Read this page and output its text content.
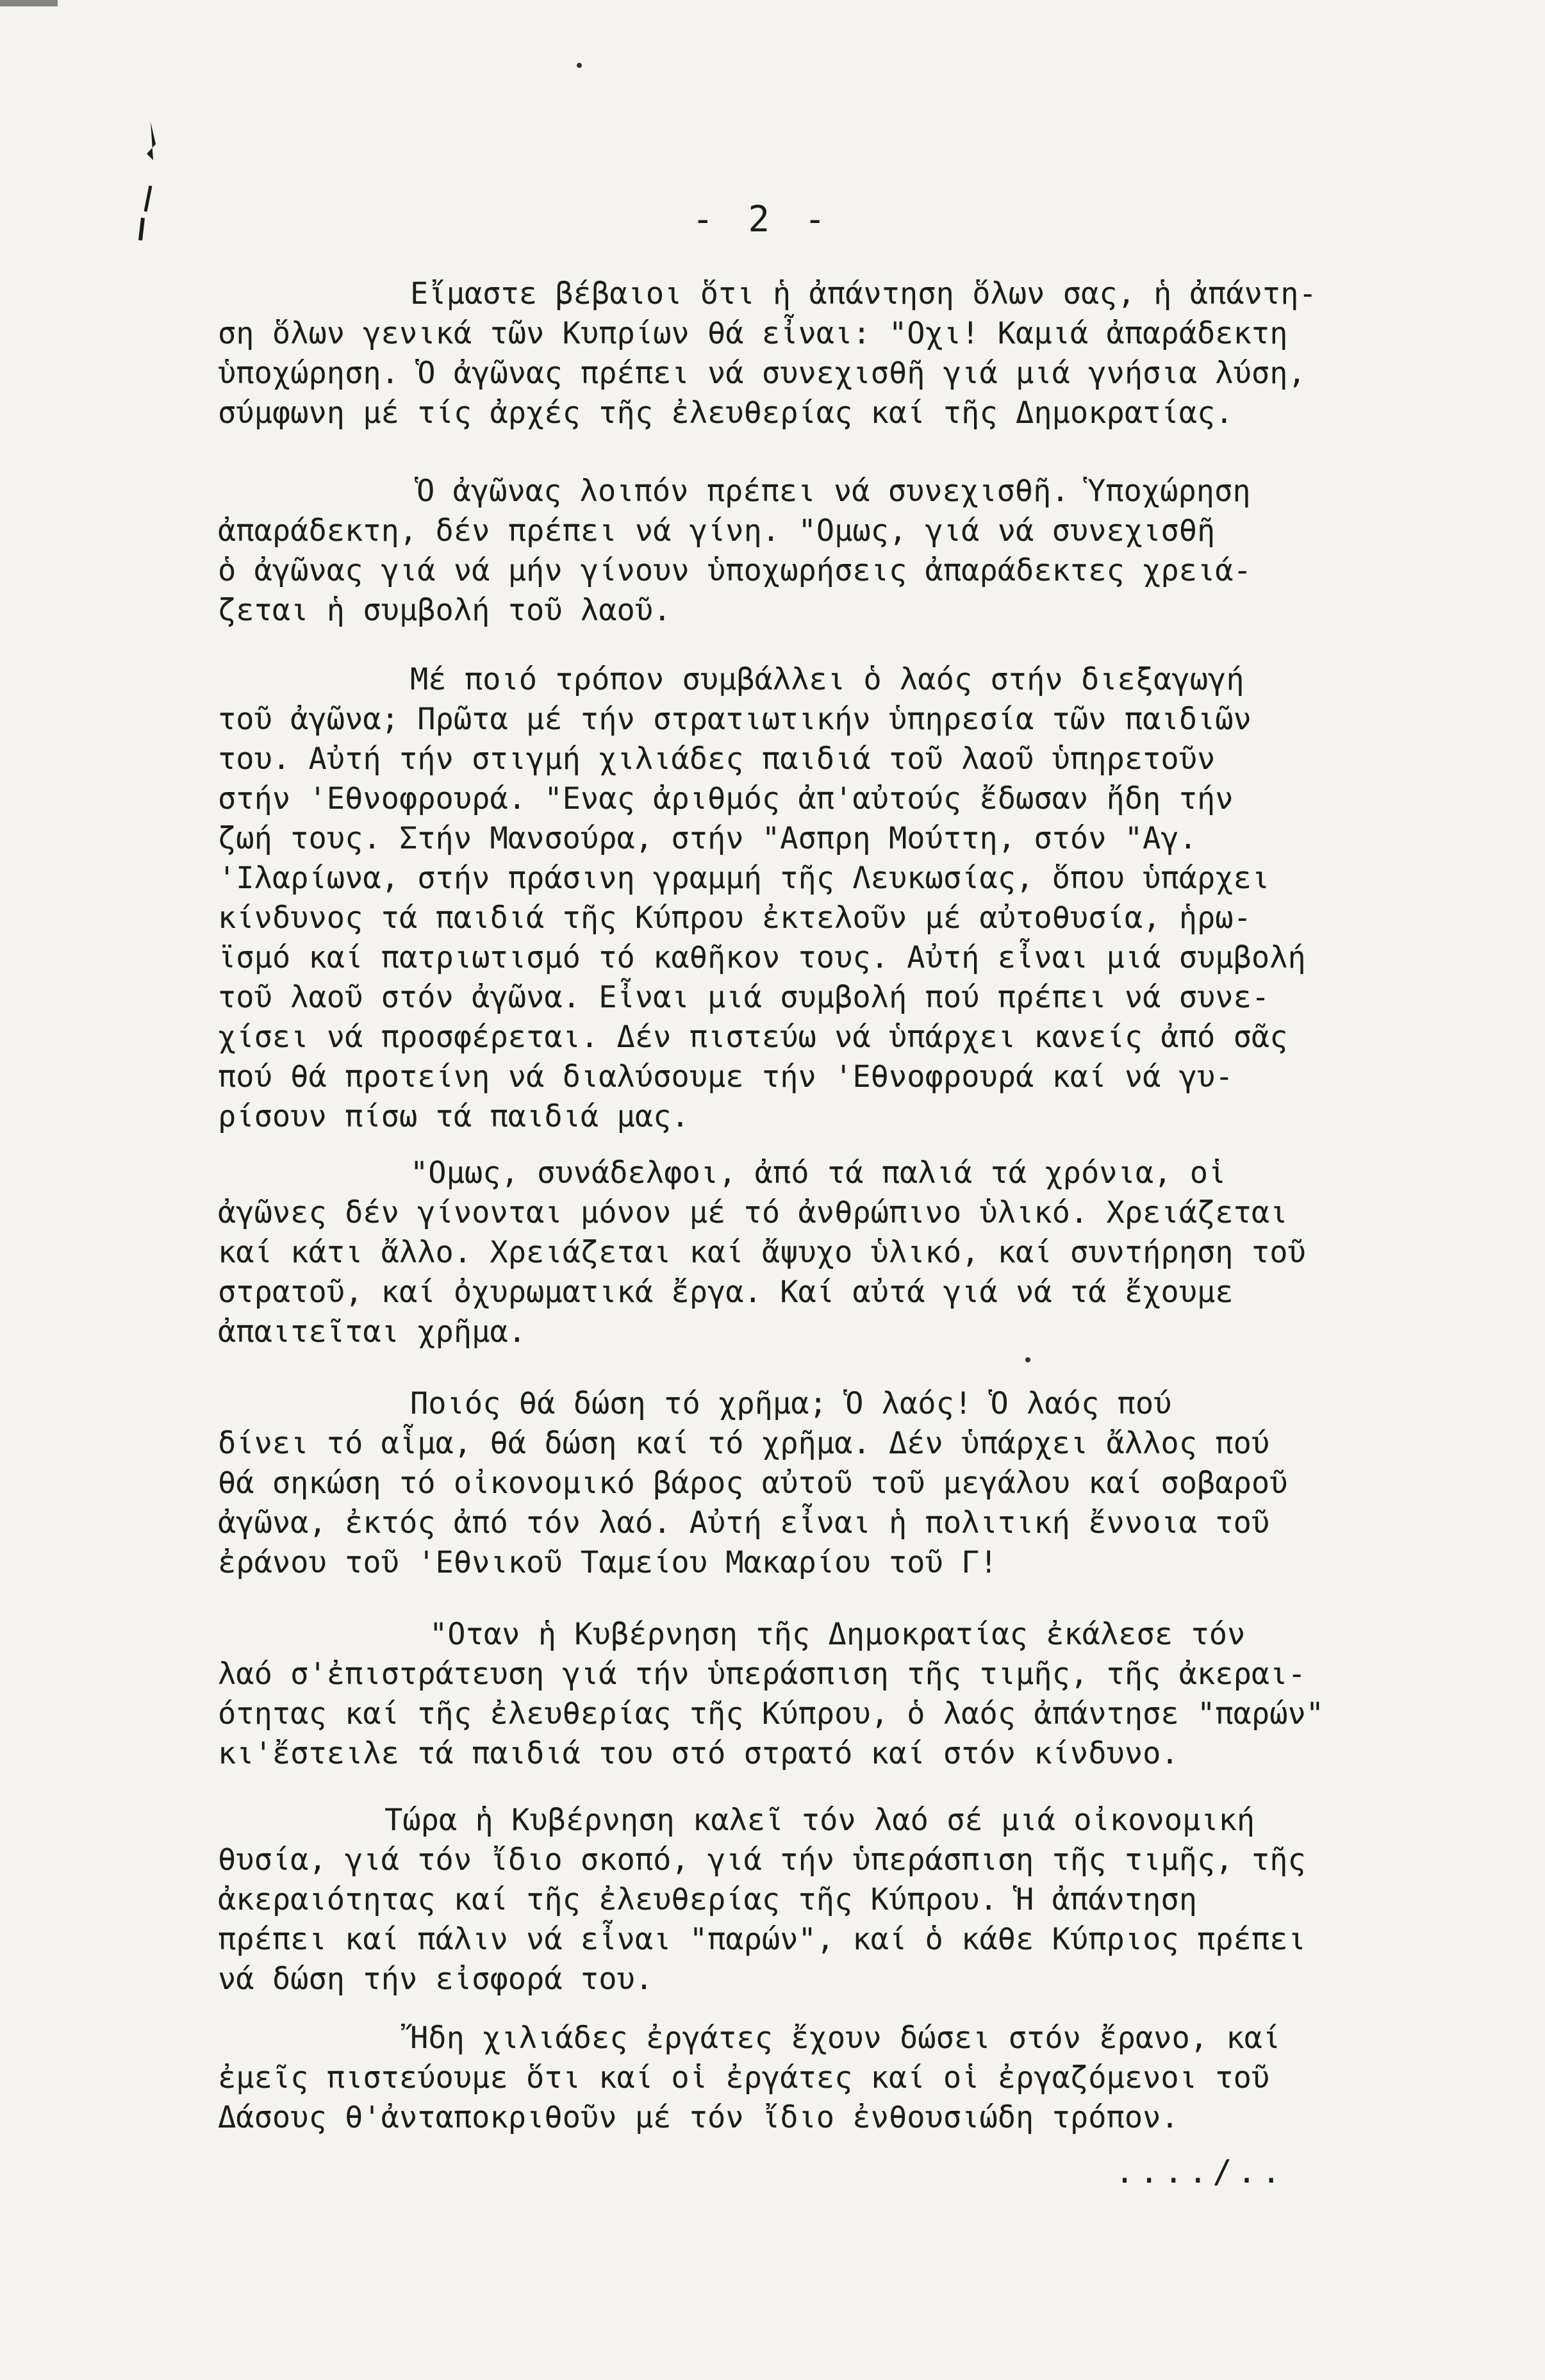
- 2 -

Εἴμαστε βέβαιοι ὅτι ἡ ἀπάντηση ὅλων σας, ἡ ἀπάντη-
ση ὅλων γενικά τῶν Κυπρίων θά εἶναι: "Οχι! Καμιά ἀπαράδεκτη
ὑποχώρηση. Ὁ ἀγῶνας πρέπει νά συνεχισθῆ γιά μιά γνήσια λύση,
σύμφωνη μέ τίς ἀρχές τῆς ἐλευθερίας καί τῆς Δημοκρατίας.

Ὁ ἀγῶνας λοιπόν πρέπει νά συνεχισθῆ. Ὑποχώρηση
ἀπαράδεκτη, δέν πρέπει νά γίνη. "Ομως, γιά νά συνεχισθῆ
ὁ ἀγῶνας γιά νά μήν γίνουν ὑποχωρήσεις ἀπαράδεκτες χρειά-
ζεται ἡ συμβολή τοῦ λαοῦ.

Μέ ποιό τρόπον συμβάλλει ὁ λαός στήν διεξαγωγή
τοῦ ἀγῶνα; Πρῶτα μέ τήν στρατιωτικήν ὑπηρεσία τῶν παιδιῶν
του. Αὐτή τήν στιγμή χιλιάδες παιδιά τοῦ λαοῦ ὑπηρετοῦν
στήν 'Εθνοφρουρά. "Ενας ἀριθμός ἀπ'αὐτούς ἔδωσαν ἤδη τήν
ζωή τους. Στήν Μανσούρα, στήν "Ασπρη Μούττη, στόν "Αγ.
'Ιλαρίωνα, στήν πράσινη γραμμή τῆς Λευκωσίας, ὅπου ὑπάρχει
κίνδυνος τά παιδιά τῆς Κύπρου ἐκτελοῦν μέ αὐτοθυσία, ἡρω-
ϊσμό καί πατριωτισμό τό καθῆκον τους. Αὐτή εἶναι μιά συμβολή
τοῦ λαοῦ στόν ἀγῶνα. Εἶναι μιά συμβολή πού πρέπει νά συνε-
χίσει νά προσφέρεται. Δέν πιστεύω νά ὑπάρχει κανείς ἀπό σᾶς
πού θά προτείνη νά διαλύσουμε τήν 'Εθνοφρουρά καί νά γυ-
ρίσουν πίσω τά παιδιά μας.

"Ομως, συνάδελφοι, ἀπό τά παλιά τά χρόνια, οἱ
ἀγῶνες δέν γίνονται μόνον μέ τό ἀνθρώπινο ὑλικό. Χρειάζεται
καί κάτι ἄλλο. Χρειάζεται καί ἄψυχο ὑλικό, καί συντήρηση τοῦ
στρατοῦ, καί ὀχυρωματικά ἔργα. Καί αὐτά γιά νά τά ἔχουμε
ἀπαιτεῖται χρῆμα.

Ποιός θά δώση τό χρῆμα; Ὁ λαός! Ὁ λαός πού
δίνει τό αἷμα, θά δώση καί τό χρῆμα. Δέν ὑπάρχει ἄλλος πού
θά σηκώση τό οἰκονομικό βάρος αὐτοῦ τοῦ μεγάλου καί σοβαροῦ
ἀγῶνα, ἐκτός ἀπό τόν λαό. Αὐτή εἶναι ἡ πολιτική ἔννοια τοῦ
ἐράνου τοῦ 'Εθνικοῦ Ταμείου Μακαρίου τοῦ Γ!

"Οταν ἡ Κυβέρνηση τῆς Δημοκρατίας ἐκάλεσε τόν
λαό σ'ἐπιστράτευση γιά τήν ὑπεράσπιση τῆς τιμῆς, τῆς ἀκεραι-
ότητας καί τῆς ἐλευθερίας τῆς Κύπρου, ὁ λαός ἀπάντησε "παρών"
κι'ἔστειλε τά παιδιά του στό στρατό καί στόν κίνδυνο.

Τώρα ἡ Κυβέρνηση καλεῖ τόν λαό σέ μιά οἰκονομική
θυσία, γιά τόν ἴδιο σκοπό, γιά τήν ὑπεράσπιση τῆς τιμῆς, τῆς
ἀκεραιότητας καί τῆς ἐλευθερίας τῆς Κύπρου. Ἡ ἀπάντηση
πρέπει καί πάλιν νά εἶναι "παρών", καί ὁ κάθε Κύπριος πρέπει
νά δώση τήν εἰσφορά του.

Ἤδη χιλιάδες ἐργάτες ἔχουν δώσει στόν ἔρανο, καί
ἐμεῖς πιστεύουμε ὅτι καί οἱ ἐργάτες καί οἱ ἐργαζόμενοι τοῦ
Δάσους θ'ἀνταποκριθοῦν μέ τόν ἴδιο ἐνθουσιώδη τρόπον.

..../..
